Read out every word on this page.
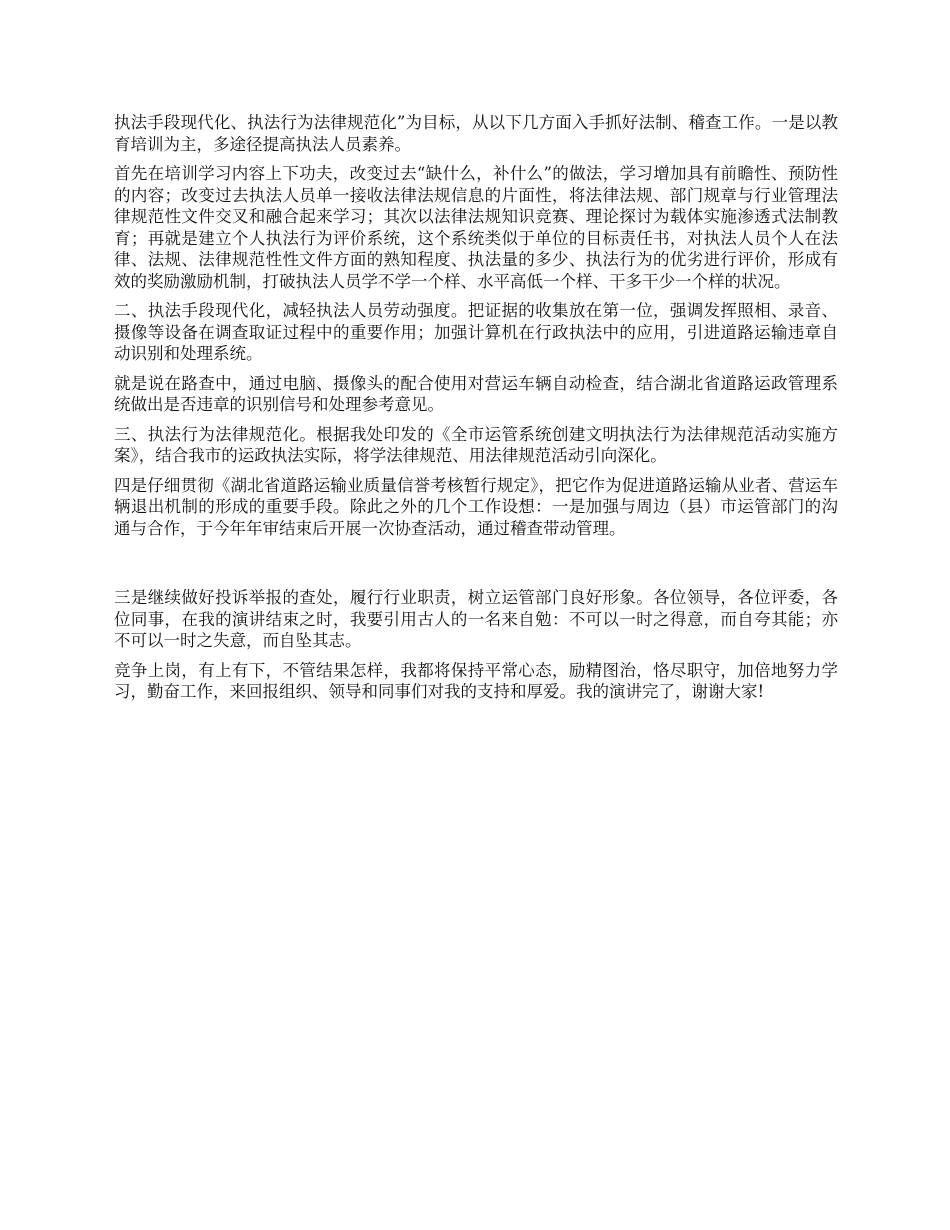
执法手段现代化、执法行为法律规范化”为目标，从以下几方面入手抓好法制、稽查工作。一是以教育培训为主，多途径提高执法人员素养。

首先在培训学习内容上下功夫，改变过去“缺什么，补什么”的做法，学习增加具有前瞻性、预防性的内容；改变过去执法人员单一接收法律法规信息的片面性，将法律法规、部门规章与行业管理法律规范性文件交叉和融合起来学习；其次以法律法规知识竞赛、理论探讨为载体实施渗透式法制教育；再就是建立个人执法行为评价系统，这个系统类似于单位的目标责任书，对执法人员个人在法律、法规、法律规范性性文件方面的熟知程度、执法量的多少、执法行为的优劣进行评价，形成有效的奖励激励机制，打破执法人员学不学一个样、水平高低一个样、干多干少一个样的状况。

二、执法手段现代化，减轻执法人员劳动强度。把证据的收集放在第一位，强调发挥照相、录音、摄像等设备在调查取证过程中的重要作用；加强计算机在行政执法中的应用，引进道路运输违章自动识别和处理系统。

就是说在路查中，通过电脑、摄像头的配合使用对营运车辆自动检查，结合湖北省道路运政管理系统做出是否违章的识别信号和处理参考意见。

三、执法行为法律规范化。根据我处印发的《全市运管系统创建文明执法行为法律规范活动实施方案》，结合我市的运政执法实际，将学法律规范、用法律规范活动引向深化。

四是仔细贯彻《湖北省道路运输业质量信誉考核暂行规定》，把它作为促进道路运输从业者、营运车辆退出机制的形成的重要手段。除此之外的几个工作设想：一是加强与周边（县）市运管部门的沟通与合作，于今年年审结束后开展一次协查活动，通过稽查带动管理。

三是继续做好投诉举报的查处，履行行业职责，树立运管部门良好形象。各位领导，各位评委，各位同事，在我的演讲结束之时，我要引用古人的一名来自勉：不可以一时之得意，而自夸其能；亦不可以一时之失意，而自坠其志。

竞争上岗，有上有下，不管结果怎样，我都将保持平常心态，励精图治，恪尽职守，加倍地努力学习，勤奋工作，来回报组织、领导和同事们对我的支持和厚爱。我的演讲完了，谢谢大家!
